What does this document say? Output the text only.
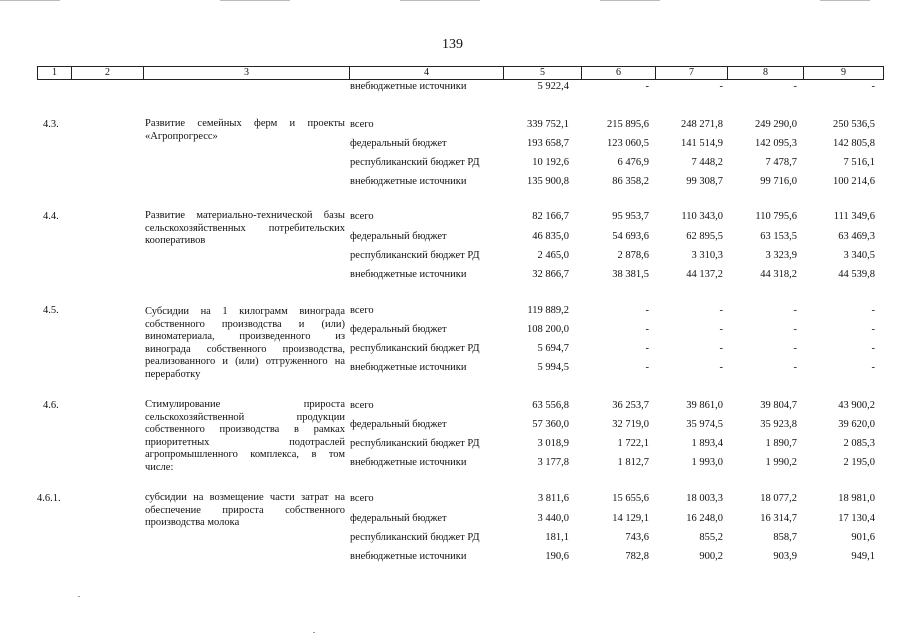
139
1	2	3	4	5	6	7	8	9
внебюджетные источники	5 922,4	-	-	-	-
4.3.	Развитие семейных ферм и проекты «Агропрогресс»
всего	339 752,1	215 895,6	248 271,8	249 290,0	250 536,5
федеральный бюджет	193 658,7	123 060,5	141 514,9	142 095,3	142 805,8
республиканский бюджет РД	10 192,6	6 476,9	7 448,2	7 478,7	7 516,1
внебюджетные источники	135 900,8	86 358,2	99 308,7	99 716,0	100 214,6
4.4.	Развитие материально-технической базы сельскохозяйственных потребительских кооперативов
всего	82 166,7	95 953,7	110 343,0	110 795,6	111 349,6
федеральный бюджет	46 835,0	54 693,6	62 895,5	63 153,5	63 469,3
республиканский бюджет РД	2 465,0	2 878,6	3 310,3	3 323,9	3 340,5
внебюджетные источники	32 866,7	38 381,5	44 137,2	44 318,2	44 539,8
4.5.	Субсидии на 1 килограмм винограда собственного производства и (или) виноматериала, произведенного из винограда собственного производства, реализованного и (или) отгруженного на переработку
всего	119 889,2	-	-	-	-
федеральный бюджет	108 200,0	-	-	-	-
республиканский бюджет РД	5 694,7	-	-	-	-
внебюджетные источники	5 994,5	-	-	-	-
4.6.	Стимулирование прироста сельскохозяйственной продукции собственного производства в рамках приоритетных подотраслей агропромышленного комплекса, в том числе:
всего	63 556,8	36 253,7	39 861,0	39 804,7	43 900,2
федеральный бюджет	57 360,0	32 719,0	35 974,5	35 923,8	39 620,0
республиканский бюджет РД	3 018,9	1 722,1	1 893,4	1 890,7	2 085,3
внебюджетные источники	3 177,8	1 812,7	1 993,0	1 990,2	2 195,0
4.6.1.	субсидии на возмещение части затрат на обеспечение прироста собственного производства молока
всего	3 811,6	15 655,6	18 003,3	18 077,2	18 981,0
федеральный бюджет	3 440,0	14 129,1	16 248,0	16 314,7	17 130,4
республиканский бюджет РД	181,1	743,6	855,2	858,7	901,6
внебюджетные источники	190,6	782,8	900,2	903,9	949,1
